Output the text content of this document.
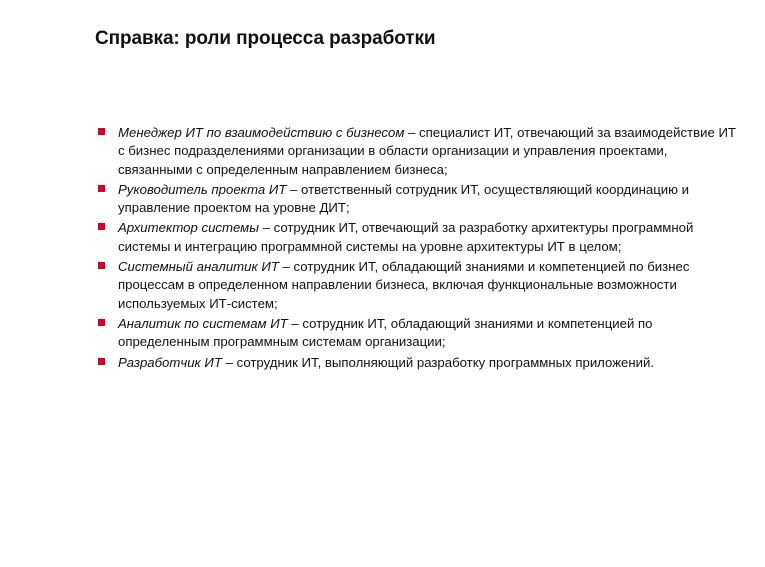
Справка: роли процесса разработки
Менеджер ИТ по взаимодействию с бизнесом – специалист ИТ, отвечающий за взаимодействие ИТ с бизнес подразделениями организации в области организации и управления проектами, связанными с определенным направлением бизнеса;
Руководитель проекта ИТ – ответственный сотрудник ИТ, осуществляющий координацию и управление проектом на уровне ДИТ;
Архитектор системы – сотрудник ИТ, отвечающий за разработку архитектуры программной системы и интеграцию программной системы на уровне архитектуры ИТ в целом;
Системный аналитик ИТ – сотрудник ИТ, обладающий знаниями и компетенцией по бизнес процессам в определенном направлении бизнеса, включая функциональные возможности используемых ИТ-систем;
Аналитик по системам ИТ – сотрудник ИТ, обладающий знаниями и компетенцией по определенным программным системам организации;
Разработчик ИТ – сотрудник ИТ, выполняющий разработку программных приложений.
